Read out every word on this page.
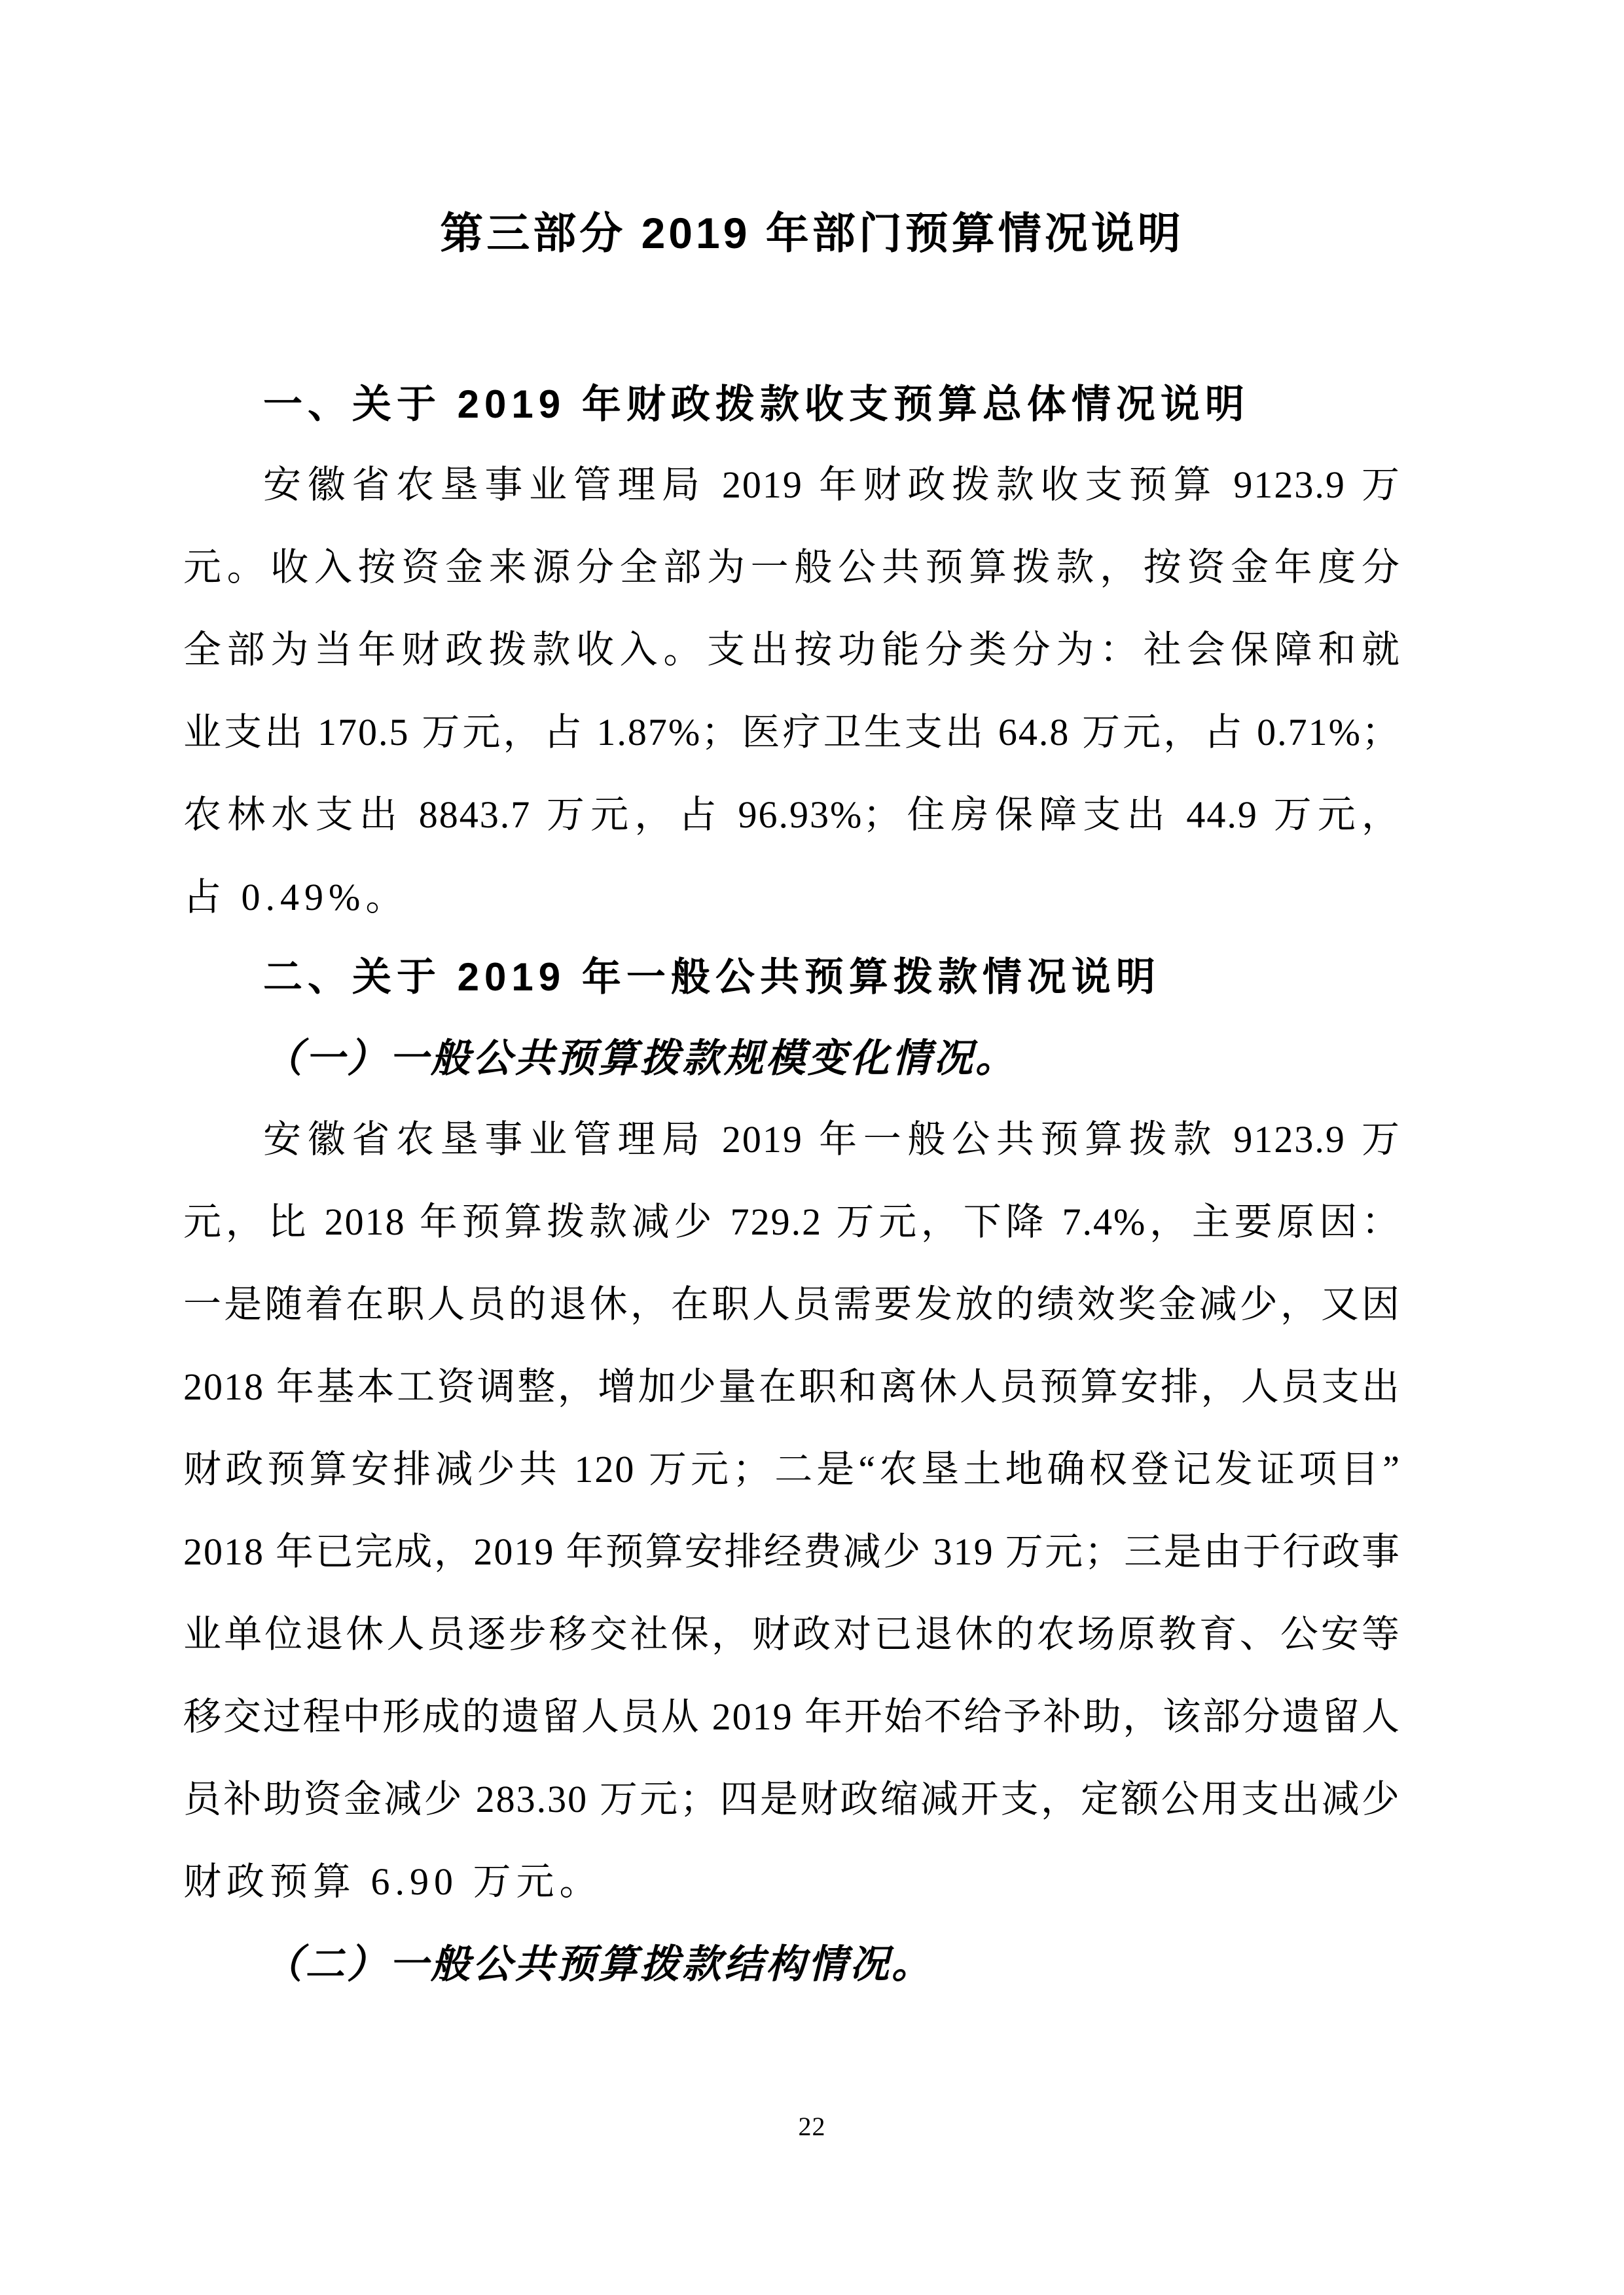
第三部分 2019 年部门预算情况说明
一、关于 2019 年财政拨款收支预算总体情况说明
安徽省农垦事业管理局 2019 年财政拨款收支预算 9123.9 万
元。收入按资金来源分全部为一般公共预算拨款，按资金年度分
全部为当年财政拨款收入。支出按功能分类分为：社会保障和就
业支出 170.5 万元，占 1.87%；医疗卫生支出 64.8 万元，占 0.71%；
农林水支出 8843.7 万元，占 96.93%；住房保障支出 44.9 万元，
占 0.49%。
二、关于 2019 年一般公共预算拨款情况说明
（一）一般公共预算拨款规模变化情况。
安徽省农垦事业管理局 2019 年一般公共预算拨款 9123.9 万
元，比 2018 年预算拨款减少 729.2 万元，下降 7.4%，主要原因：
一是随着在职人员的退休，在职人员需要发放的绩效奖金减少，又因
2018 年基本工资调整，增加少量在职和离休人员预算安排，人员支出
财政预算安排减少共 120 万元；二是“农垦土地确权登记发证项目”
2018 年已完成，2019 年预算安排经费减少 319 万元；三是由于行政事
业单位退休人员逐步移交社保，财政对已退休的农场原教育、公安等
移交过程中形成的遗留人员从 2019 年开始不给予补助，该部分遗留人
员补助资金减少 283.30 万元；四是财政缩减开支，定额公用支出减少
财政预算 6.90 万元。
（二）一般公共预算拨款结构情况。
22
